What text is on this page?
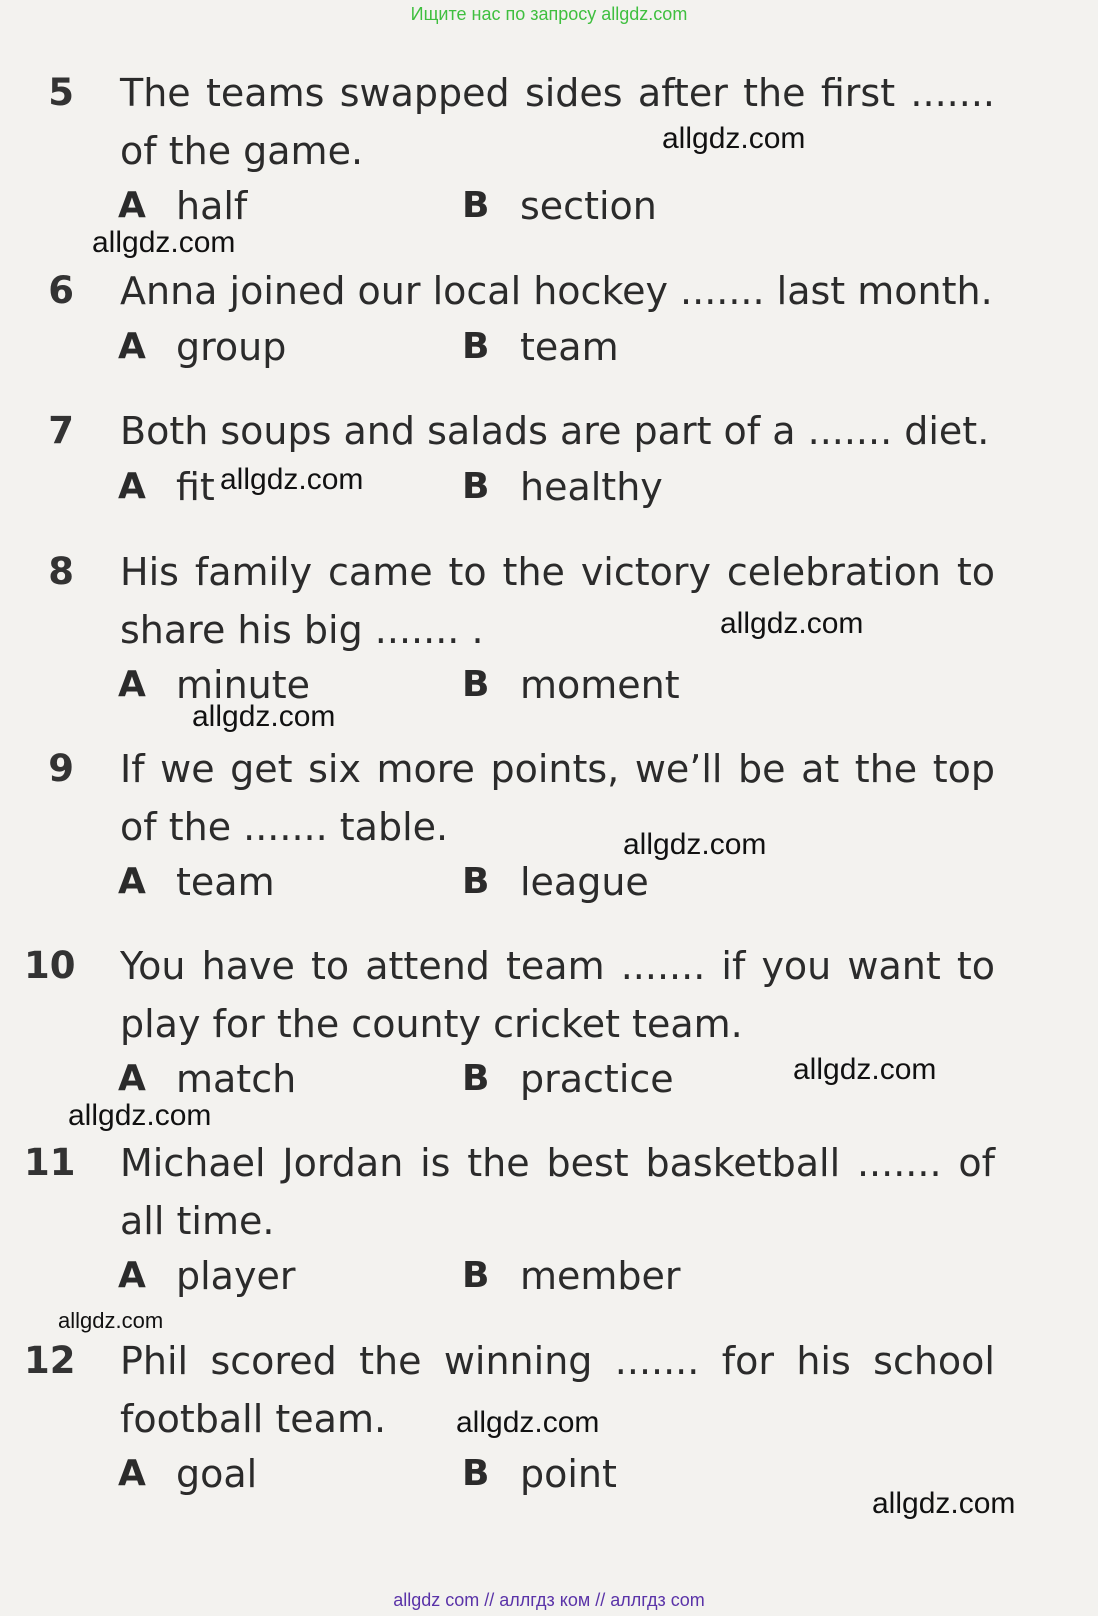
Ищите нас по запросу allgdz.com
5 The teams swapped sides after the first ....... of the game.
A half	B section
6 Anna joined our local hockey ....... last month.
A group	B team
7 Both soups and salads are part of a ....... diet.
A fit	B healthy
8 His family came to the victory celebration to share his big ....... .
A minute	B moment
9 If we get six more points, we’ll be at the top of the ....... table.
A team	B league
10 You have to attend team ....... if you want to play for the county cricket team.
A match	B practice
11 Michael Jordan is the best basketball ....... of all time.
A player	B member
12 Phil scored the winning ....... for his school football team.
A goal	B point
allgdz.com
allgdz.com
allgdz.com
allgdz.com
allgdz.com
allgdz.com
allgdz.com
allgdz.com
allgdz.com
allgdz.com
allgdz.com
allgdz com // аллгдз ком // аллгдз com
